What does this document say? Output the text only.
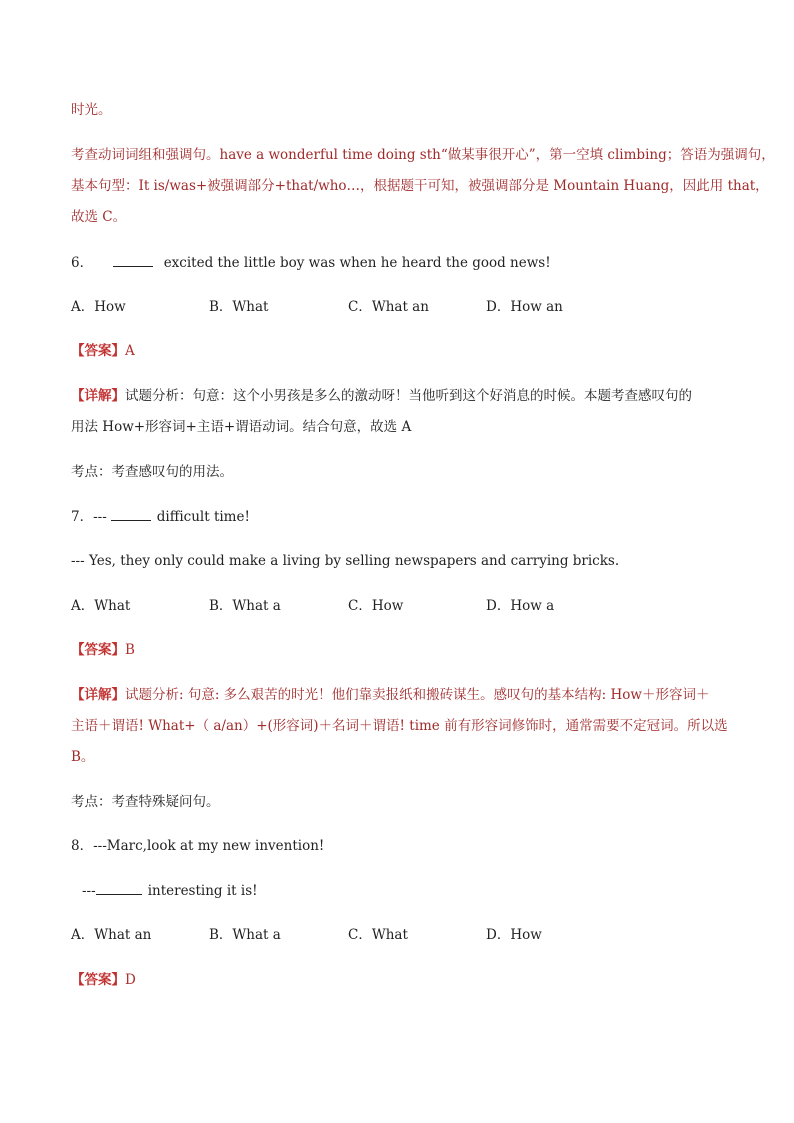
时光。
考查动词词组和强调句。have a wonderful time doing sth“做某事很开心”，第一空填 climbing；答语为强调句，
基本句型：It is/was+被强调部分+that/who…，根据题干可知，被强调部分是 Mountain Huang，因此用 that，
故选 C。
6．	excited the little boy was when he heard the good news!
A．How	B．What	C．What an	D．How an
【答案】A
【详解】试题分析：句意：这个小男孩是多么的激动呀！当他听到这个好消息的时候。本题考查感叹句的
用法 How+形容词+主语+谓语动词。结合句意，故选 A
考点：考查感叹句的用法。
7．---	difficult time!
--- Yes, they only could make a living by selling newspapers and carrying bricks.
A．What	B．What a	C．How	D．How a
【答案】B
【详解】试题分析: 句意: 多么艰苦的时光！他们靠卖报纸和搬砖谋生。感叹句的基本结构: How＋形容词＋
主语＋谓语! What+（ a/an）+(形容词)＋名词＋谓语! time 前有形容词修饰时，通常需要不定冠词。所以选
B。
考点：考查特殊疑问句。
8．---Marc,look at my new invention!
---	interesting it is!
A．What an	B．What a	C．What	D．How
【答案】D
